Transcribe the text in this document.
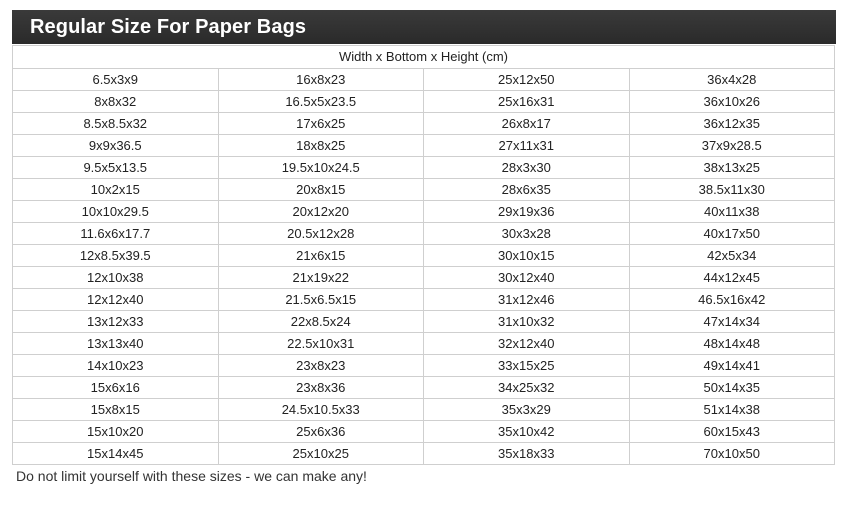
Regular Size For Paper Bags
Width x Bottom x Height (cm)			
6.5x3x9	16x8x23	25x12x50	36x4x28
8x8x32	16.5x5x23.5	25x16x31	36x10x26
8.5x8.5x32	17x6x25	26x8x17	36x12x35
9x9x36.5	18x8x25	27x11x31	37x9x28.5
9.5x5x13.5	19.5x10x24.5	28x3x30	38x13x25
10x2x15	20x8x15	28x6x35	38.5x11x30
10x10x29.5	20x12x20	29x19x36	40x11x38
11.6x6x17.7	20.5x12x28	30x3x28	40x17x50
12x8.5x39.5	21x6x15	30x10x15	42x5x34
12x10x38	21x19x22	30x12x40	44x12x45
12x12x40	21.5x6.5x15	31x12x46	46.5x16x42
13x12x33	22x8.5x24	31x10x32	47x14x34
13x13x40	22.5x10x31	32x12x40	48x14x48
14x10x23	23x8x23	33x15x25	49x14x41
15x6x16	23x8x36	34x25x32	50x14x35
15x8x15	24.5x10.5x33	35x3x29	51x14x38
15x10x20	25x6x36	35x10x42	60x15x43
15x14x45	25x10x25	35x18x33	70x10x50
Do not limit yourself with these sizes - we can make any!
